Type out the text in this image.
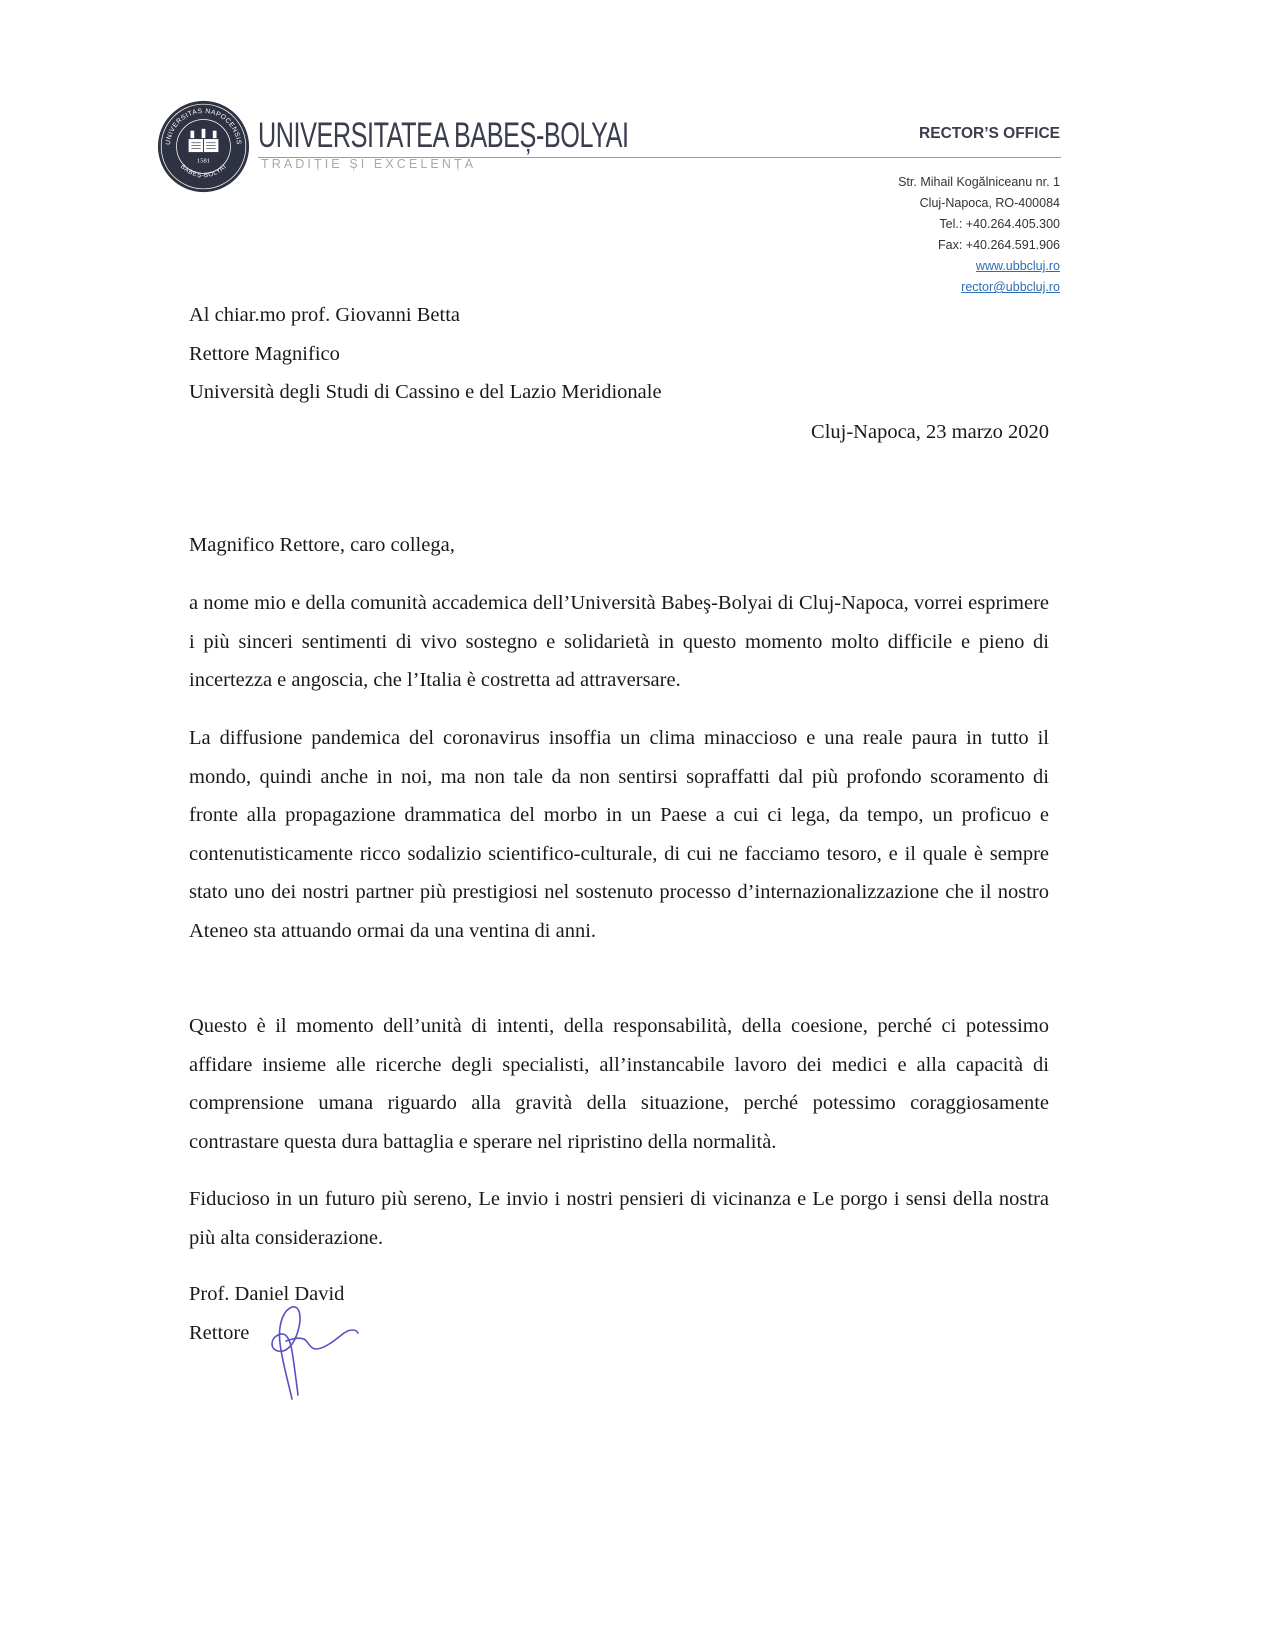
UNIVERSITAS NAPOCENSIS
BABEȘ-BOLYAI
1581
UNIVERSITATEA BABEȘ-BOLYAI
TRADIȚIE ȘI EXCELENȚĂ
RECTOR’S OFFICE
Str. Mihail Kogălniceanu nr. 1
Cluj-Napoca, RO-400084
Tel.: +40.264.405.300
Fax: +40.264.591.906
www.ubbcluj.ro
rector@ubbcluj.ro
Al chiar.mo prof. Giovanni Betta
Rettore Magnifico
Università degli Studi di Cassino e del Lazio Meridionale
Cluj-Napoca, 23 marzo 2020
Magnifico Rettore, caro collega,
a nome mio e della comunità accademica dell’Università Babeş-Bolyai di Cluj-Napoca, vorrei esprimere i più sinceri sentimenti di vivo sostegno e solidarietà in questo momento molto difficile e pieno di incertezza e angoscia, che l’Italia è costretta ad attraversare.
La diffusione pandemica del coronavirus insoffia un clima minaccioso e una reale paura in tutto il mondo, quindi anche in noi, ma non tale da non sentirsi sopraffatti dal più profondo scoramento di fronte alla propagazione drammatica del morbo in un Paese a cui ci lega, da tempo, un proficuo e contenutisticamente ricco sodalizio scientifico-culturale, di cui ne facciamo tesoro, e il quale è sempre stato uno dei nostri partner più prestigiosi nel sostenuto processo d’internazionalizzazione che il nostro Ateneo sta attuando ormai da una ventina di anni.
Questo è il momento dell’unità di intenti, della responsabilità, della coesione, perché ci potessimo affidare insieme alle ricerche degli specialisti, all’instancabile lavoro dei medici e alla capacità di comprensione umana riguardo alla gravità della situazione, perché potessimo coraggiosamente contrastare questa dura battaglia e sperare nel ripristino della normalità.
Fiducioso in un futuro più sereno, Le invio i nostri pensieri di vicinanza e Le porgo i sensi della nostra più alta considerazione.
Prof. Daniel David
Rettore
